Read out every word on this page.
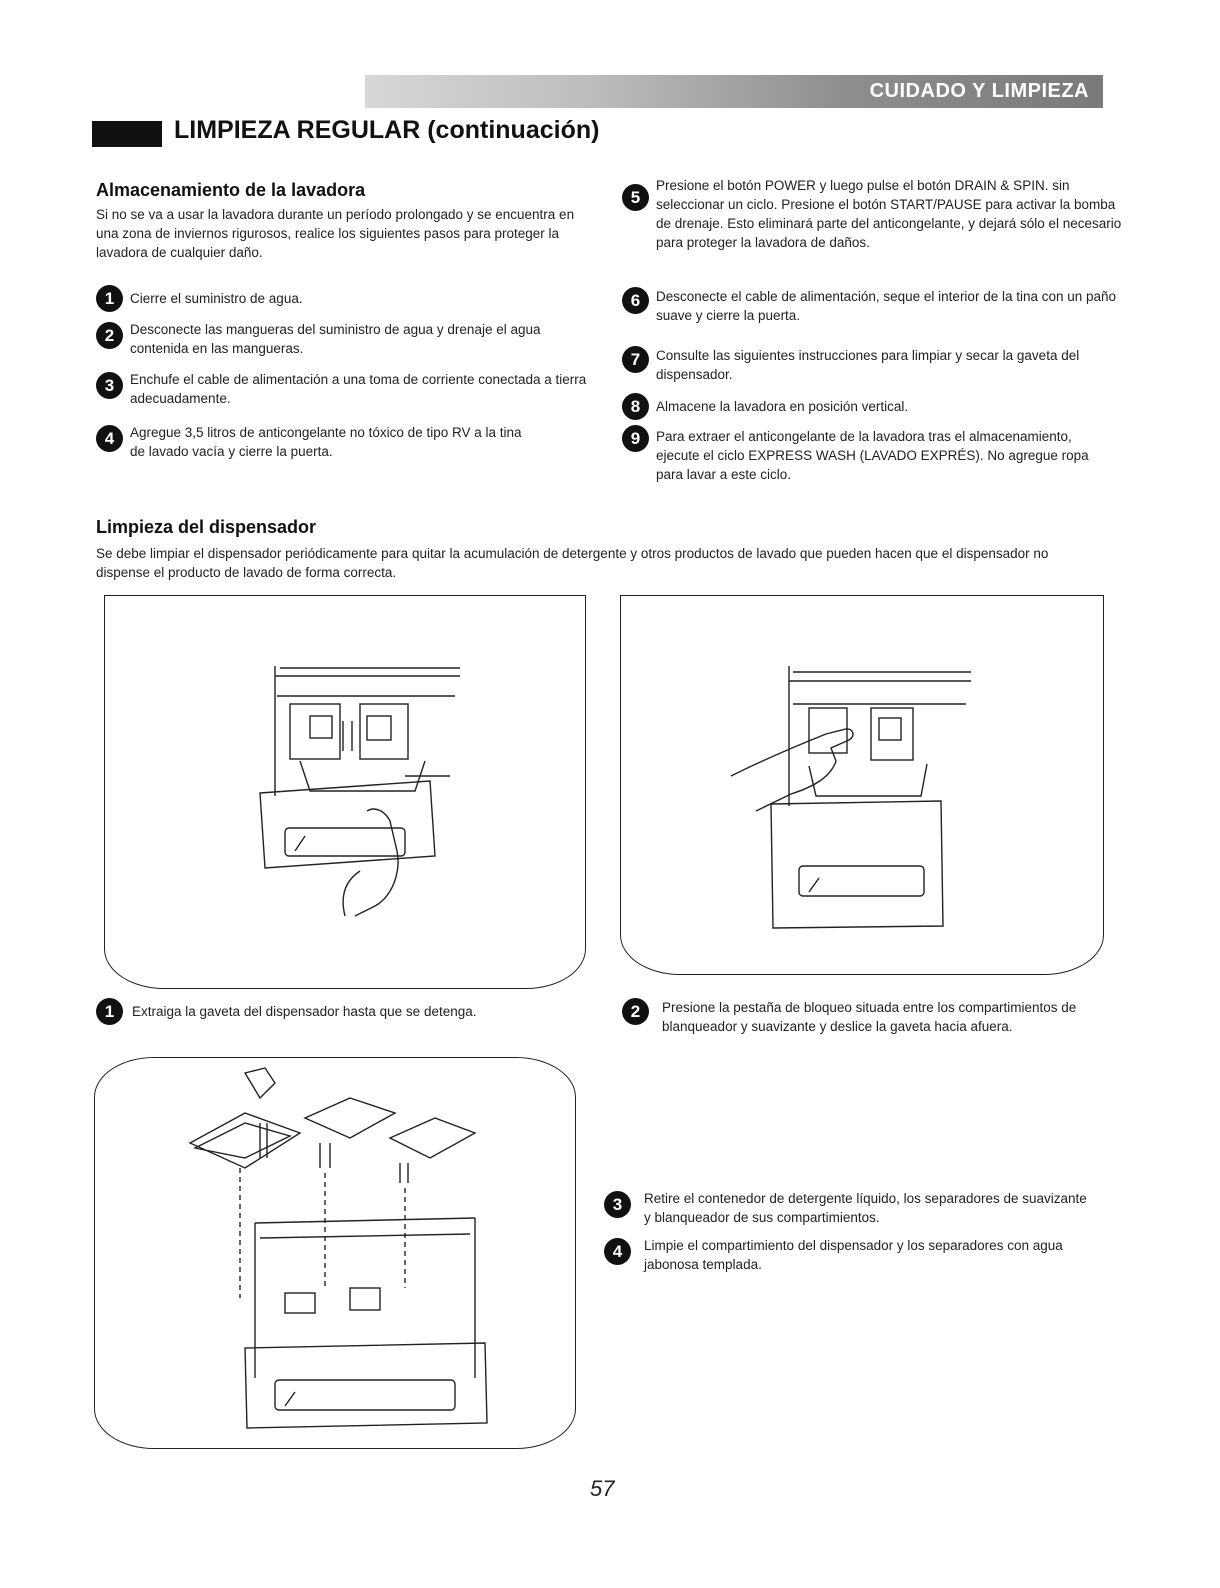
CUIDADO Y LIMPIEZA
LIMPIEZA REGULAR (continuación)
Almacenamiento de la lavadora
Si no se va a usar la lavadora durante un período prolongado y se encuentra en una zona de inviernos rigurosos, realice los siguientes pasos para proteger la lavadora de cualquier daño.
1	Cierre el suministro de agua.
2	Desconecte las mangueras del suministro de agua y drenaje el agua contenida en las mangueras.
3	Enchufe el cable de alimentación a una toma de corriente conectada a tierra adecuadamente.
4	Agregue 3,5 litros de anticongelante no tóxico de tipo RV a la tina de lavado vacía y cierre la puerta.
5
Presione el botón POWER y luego pulse el botón DRAIN & SPIN. sin seleccionar un ciclo. Presione el botón START/PAUSE para activar la bomba de drenaje. Esto eliminará parte del anticongelante, y dejará sólo el necesario para proteger la lavadora de daños.
6	Desconecte el cable de alimentación, seque el interior de la tina con un paño suave y cierre la puerta.
7	Consulte las siguientes instrucciones para limpiar y secar la gaveta del dispensador.
8	Almacene la lavadora en posición vertical.
9	Para extraer el anticongelante de la lavadora tras el almacenamiento, ejecute el ciclo EXPRESS WASH (LAVADO EXPRÉS). No agregue ropa para lavar a este ciclo.
Limpieza del dispensador
Se debe limpiar el dispensador periódicamente para quitar la acumulación de detergente y otros productos de lavado que pueden hacen que el dispensador no dispense el producto de lavado de forma correcta.
1	Extraiga la gaveta del dispensador hasta que se detenga.	2	Presione la pestaña de bloqueo situada entre los compartimientos de blanqueador y suavizante y deslice la gaveta hacia afuera.
3	Retire el contenedor de detergente líquido, los separadores de suavizante y blanqueador de sus compartimientos.
4	Limpie el compartimiento del dispensador y los separadores con agua jabonosa templada.
57
